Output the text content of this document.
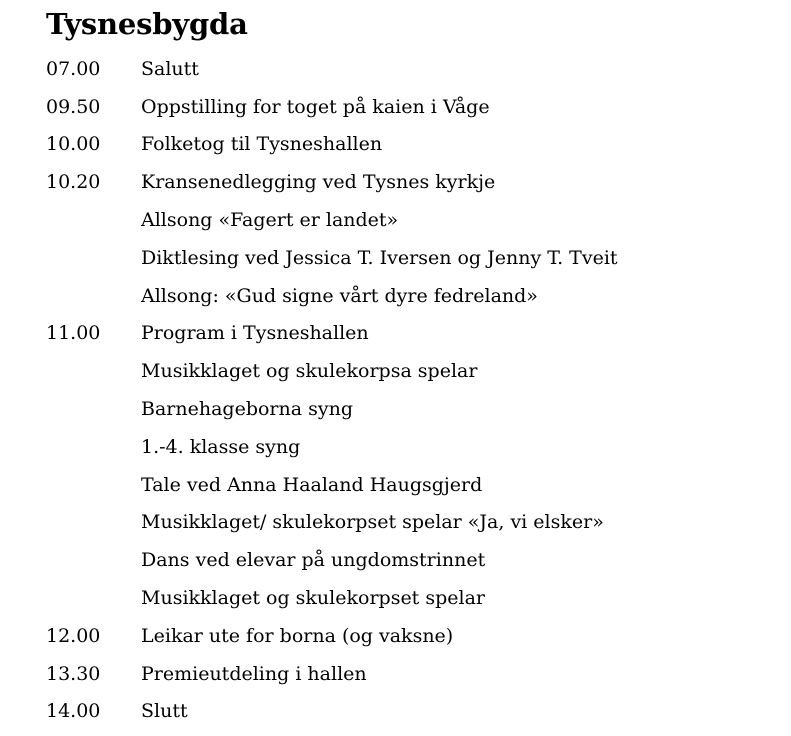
Tysnesbygda
07.00	Salutt
09.50	Oppstilling for toget på kaien i Våge
10.00	Folketog til Tysneshallen
10.20	Kransenedlegging ved Tysnes kyrkje
Allsong «Fagert er landet»
Diktlesing ved Jessica T. Iversen og Jenny T. Tveit
Allsong: «Gud signe vårt dyre fedreland»
11.00	Program i Tysneshallen
Musikklaget og skulekorpsa spelar
Barnehageborna syng
1.-4. klasse syng
Tale ved Anna Haaland Haugsgjerd
Musikklaget/ skulekorpset spelar «Ja, vi elsker»
Dans ved elevar på ungdomstrinnet
Musikklaget og skulekorpset spelar
12.00	Leikar ute for borna (og vaksne)
13.30	Premieutdeling i hallen
14.00	Slutt
